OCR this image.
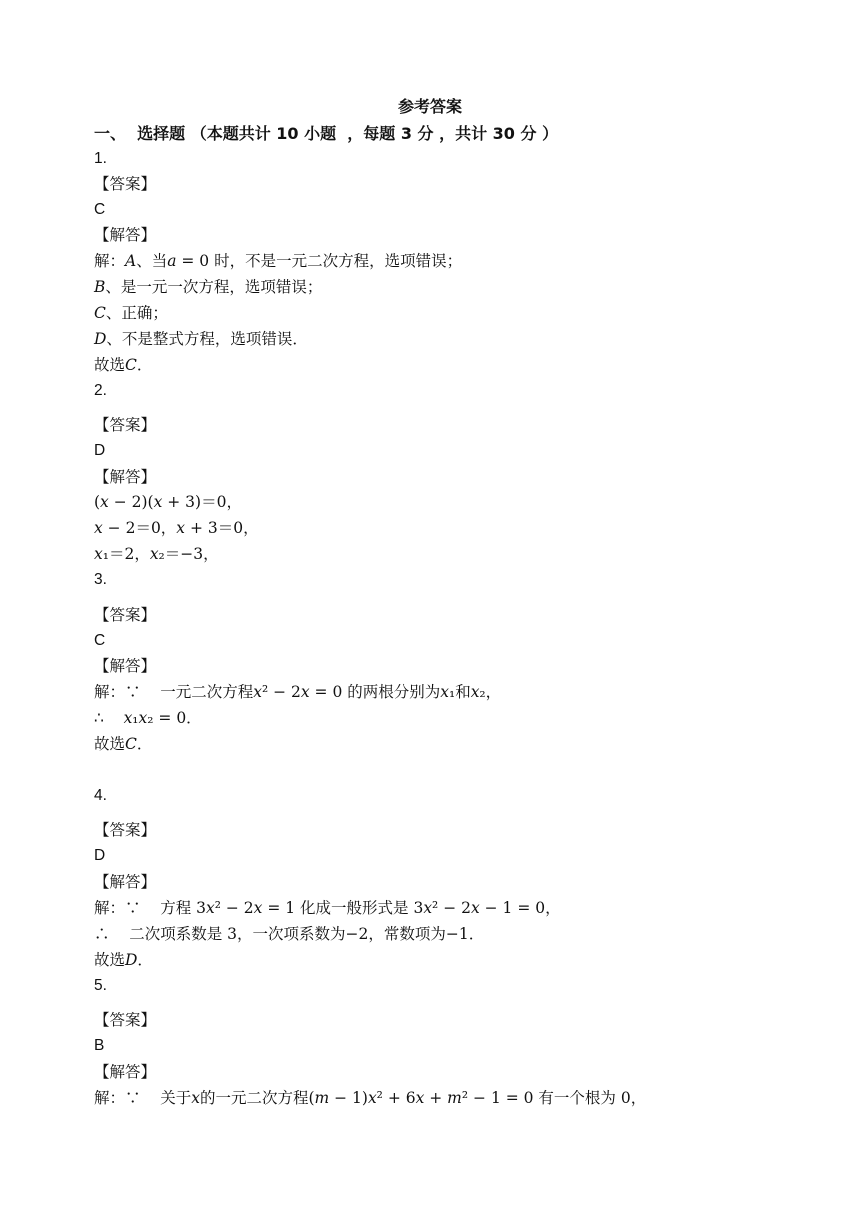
参考答案
一、  选择题 （本题共计 10 小题  ，每题 3 分 ，共计 30 分 ）
1.
【答案】
C
【解答】
解：𝐴、当𝑎 = 0 时，不是一元二次方程，选项错误；
𝐵、是一元一次方程，选项错误；
𝐶、正确；
𝐷、不是整式方程，选项错误．
故选𝐶．
2.
【答案】
D
【解答】
(𝑥 − 2)(𝑥 + 3)＝0，
𝑥 − 2＝0，𝑥 + 3＝0，
𝑥₁＝2，𝑥₂＝−3，
3.
【答案】
C
【解答】
解：∵    一元二次方程𝑥² − 2𝑥 = 0 的两根分别为𝑥₁和𝑥₂，
∴    𝑥₁𝑥₂ = 0．
故选𝐶．
4.
【答案】
D
【解答】
解：∵    方程 3𝑥² − 2𝑥 = 1 化成一般形式是 3𝑥² − 2𝑥 − 1 = 0，
∴    二次项系数是 3，一次项系数为−2，常数项为−1．
故选𝐷．
5.
【答案】
B
【解答】
解：∵    关于𝑥的一元二次方程(𝑚 − 1)𝑥² + 6𝑥 + 𝑚² − 1 = 0 有一个根为 0，
